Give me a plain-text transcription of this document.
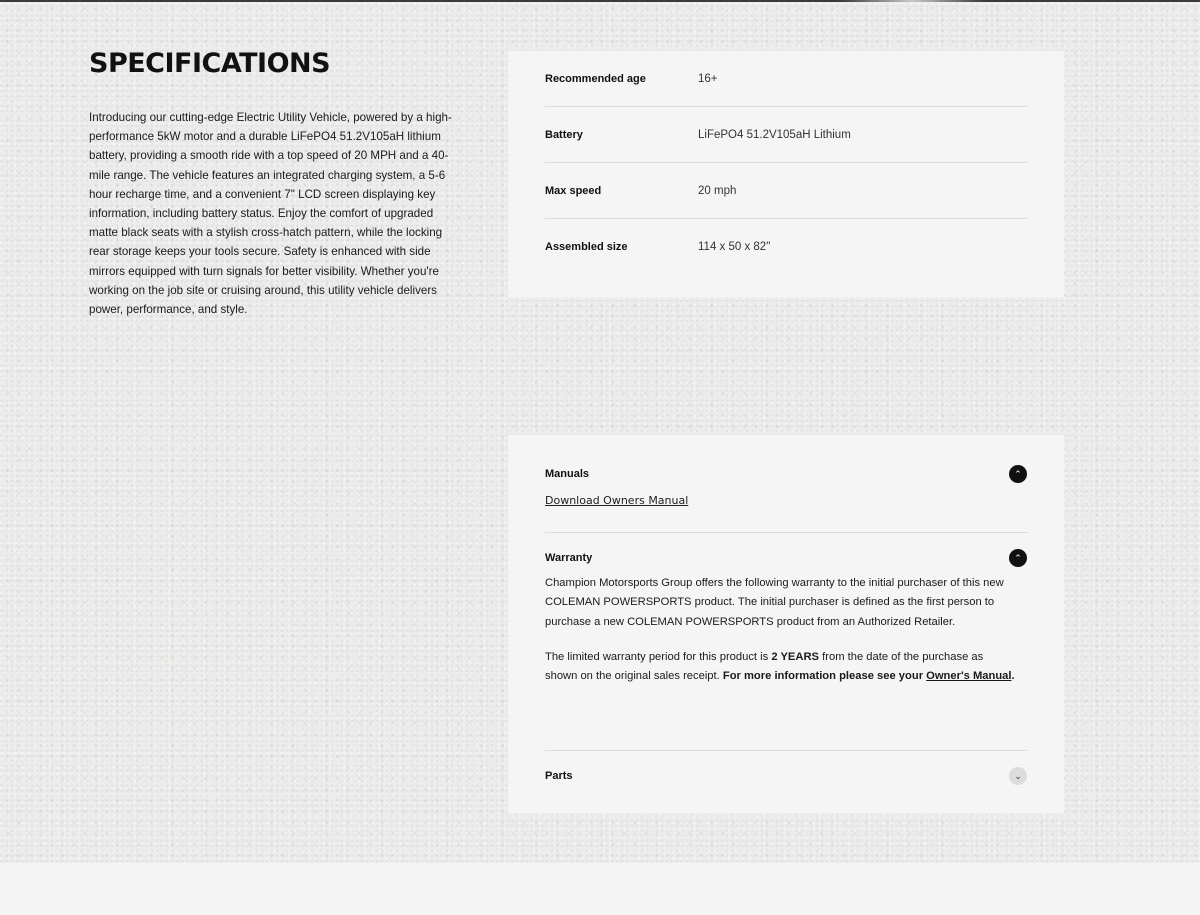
SPECIFICATIONS

Introducing our cutting-edge Electric Utility Vehicle, powered by a high-performance 5kW motor and a durable LiFePO4 51.2V105aH lithium battery, providing a smooth ride with a top speed of 20 MPH and a 40-mile range. The vehicle features an integrated charging system, a 5-6 hour recharge time, and a convenient 7" LCD screen displaying key information, including battery status. Enjoy the comfort of upgraded matte black seats with a stylish cross-hatch pattern, while the locking rear storage keeps your tools secure. Safety is enhanced with side mirrors equipped with turn signals for better visibility. Whether you're working on the job site or cruising around, this utility vehicle delivers power, performance, and style.

Recommended age	16+
Battery	LiFePO4 51.2V105aH Lithium
Max speed	20 mph
Assembled size	114 x 50 x 82"
Manuals	⌃
Download Owners Manual
Warranty	⌃

Champion Motorsports Group offers the following warranty to the initial purchaser of this new COLEMAN POWERSPORTS product. The initial purchaser is defined as the first person to purchase a new COLEMAN POWERSPORTS product from an Authorized Retailer.

The limited warranty period for this product is 2 YEARS from the date of the purchase as shown on the original sales receipt. For more information please see your Owner's Manual.

Parts	⌄
